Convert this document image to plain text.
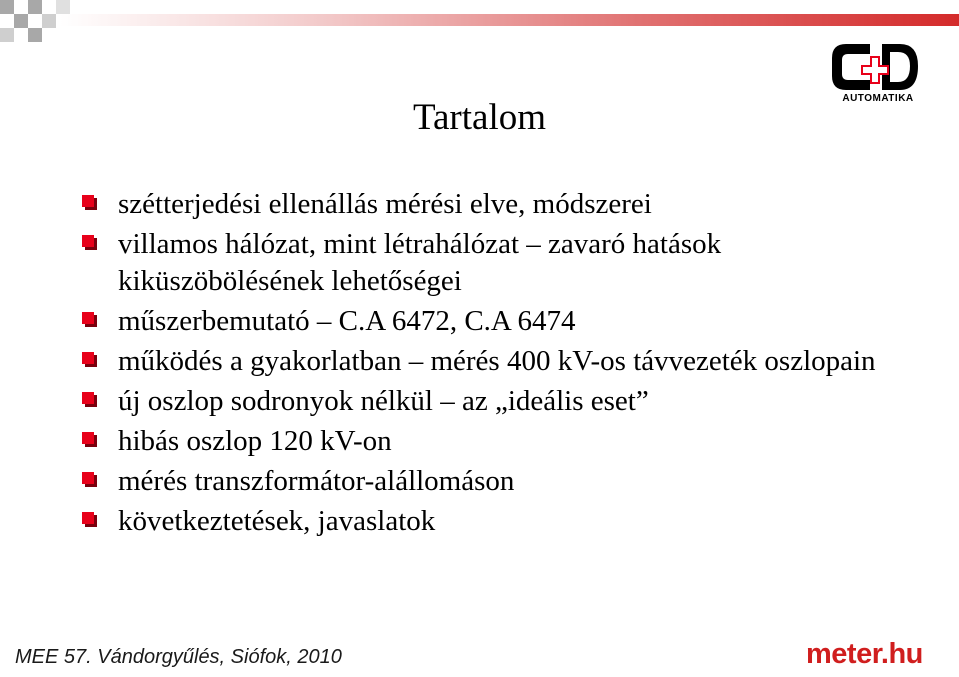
AUTOMATIKA
Tartalom
szétterjedési ellenállás mérési elve, módszerei
villamos hálózat, mint létrahálózat – zavaró hatások kiküszöbölésének lehetőségei
műszerbemutató – C.A 6472, C.A 6474
működés a gyakorlatban – mérés 400 kV-os távvezeték oszlopain
új oszlop sodronyok nélkül – az „ideális eset”
hibás oszlop 120 kV-on
mérés transzformátor-alállomáson
következtetések, javaslatok
MEE 57. Vándorgyűlés, Siófok, 2010	meter.hu
